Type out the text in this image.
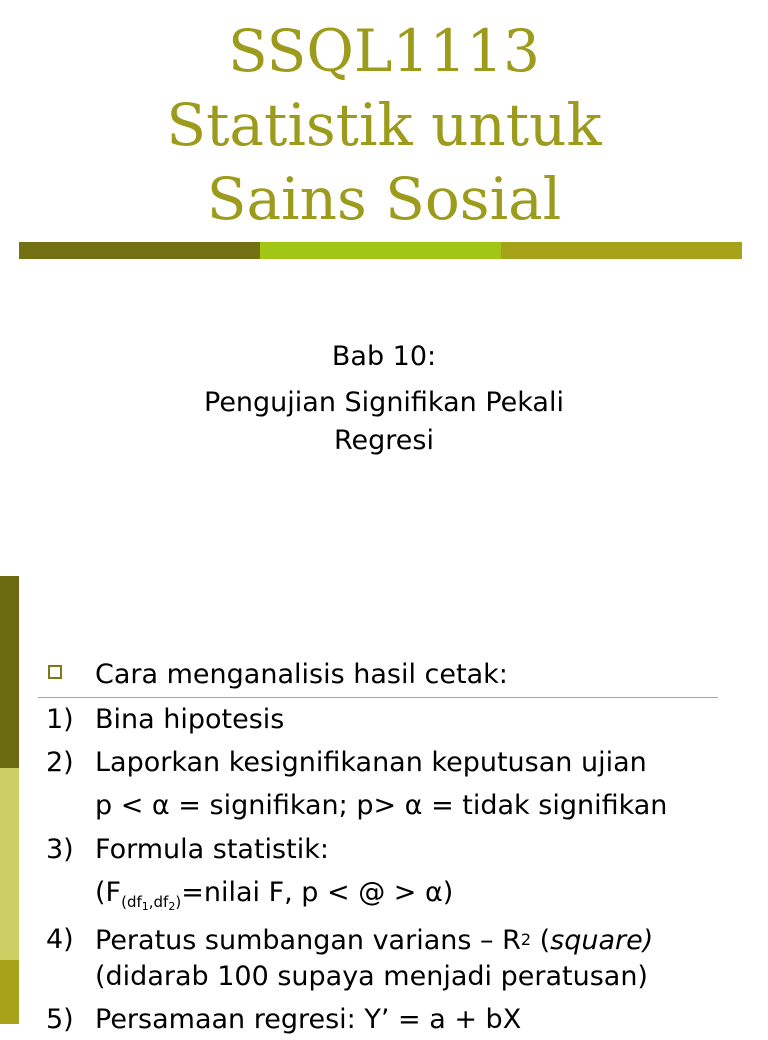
SSQL1113
Statistik untuk
Sains Sosial
Bab 10:
Pengujian Signifikan Pekali
Regresi
Cara menganalisis hasil cetak:
1) Bina hipotesis
2) Laporkan kesignifikanan keputusan ujian
p < α = signifikan; p> α = tidak signifikan
3) Formula statistik:
($F_{(df_1,df_2)}=nilai$ F, p < @ > α)
4) Peratus sumbangan varians – $R^2$ (square)
(didarab 100 supaya menjadi peratusan)
5) Persamaan regresi: Y’ = a + bX
